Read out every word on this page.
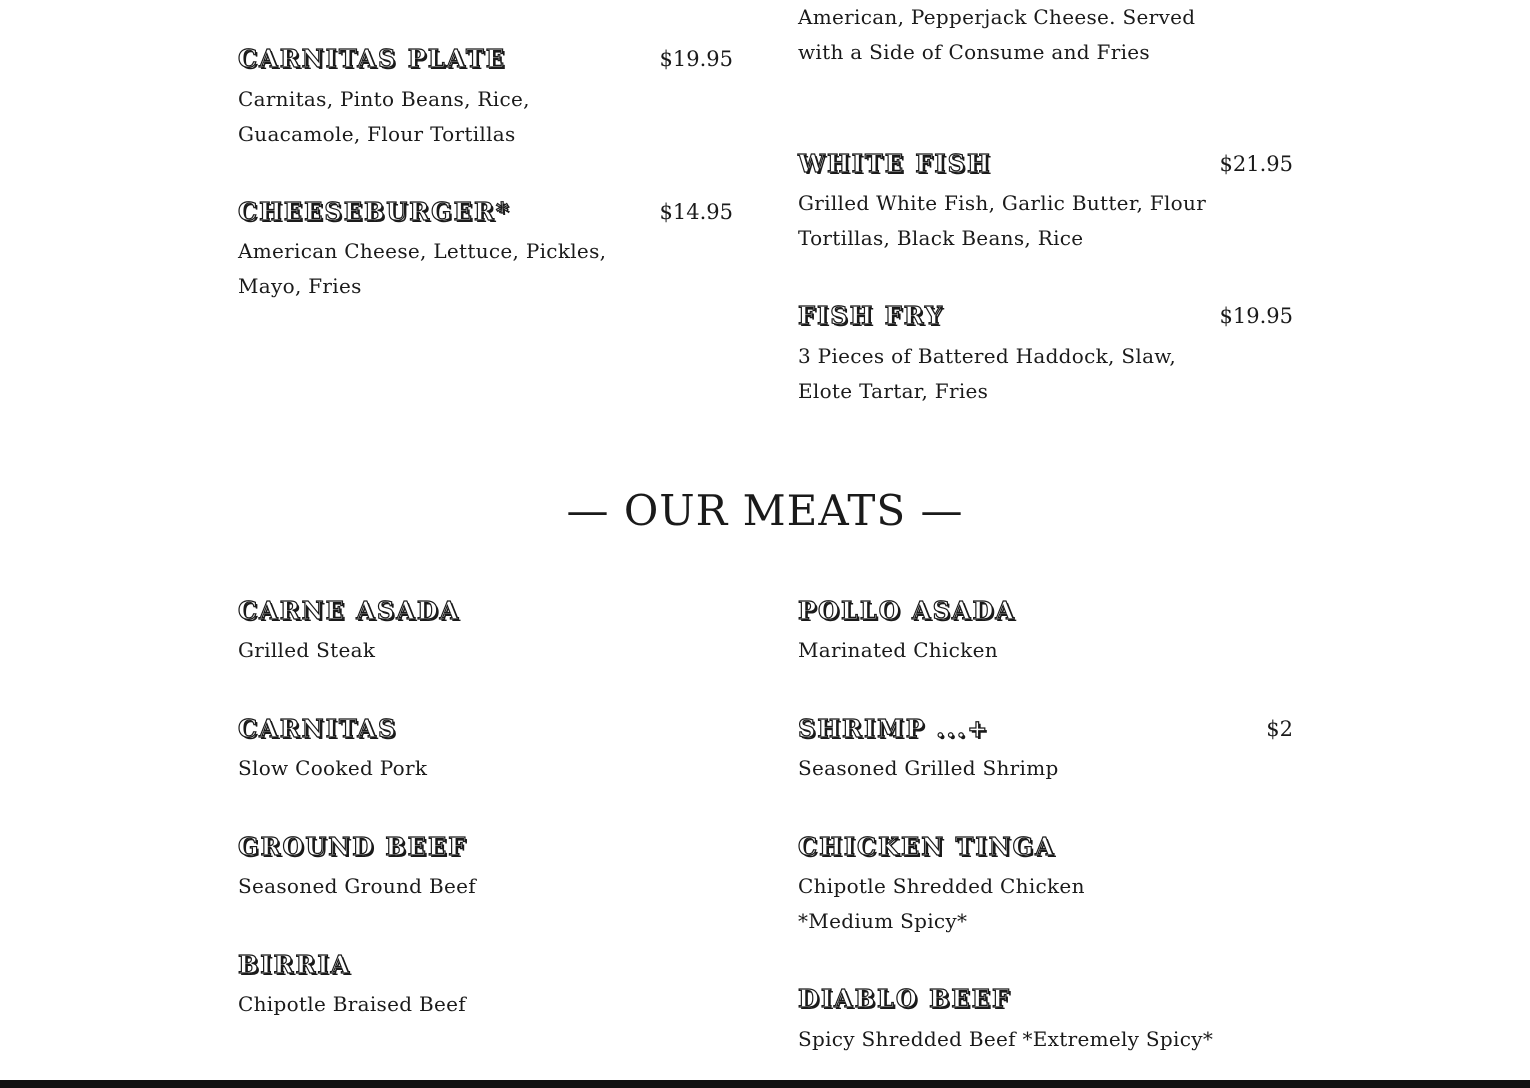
CARNITAS PLATE	$19.95
Carnitas, Pinto Beans, Rice, Guacamole, Flour Tortillas
CHEESEBURGER*	$14.95
American Cheese, Lettuce, Pickles, Mayo, Fries
American, Pepperjack Cheese. Served with a Side of Consume and Fries
WHITE FISH	$21.95
Grilled White Fish, Garlic Butter, Flour Tortillas, Black Beans, Rice
FISH FRY	$19.95
3 Pieces of Battered Haddock, Slaw, Elote Tartar, Fries
— OUR MEATS —
CARNE ASADA
Grilled Steak
CARNITAS
Slow Cooked Pork
GROUND BEEF
Seasoned Ground Beef
BIRRIA
Chipotle Braised Beef
POLLO ASADA
Marinated Chicken
SHRIMP ...+	$2
Seasoned Grilled Shrimp
CHICKEN TINGA
Chipotle Shredded Chicken *Medium Spicy*
DIABLO BEEF
Spicy Shredded Beef *Extremely Spicy*
